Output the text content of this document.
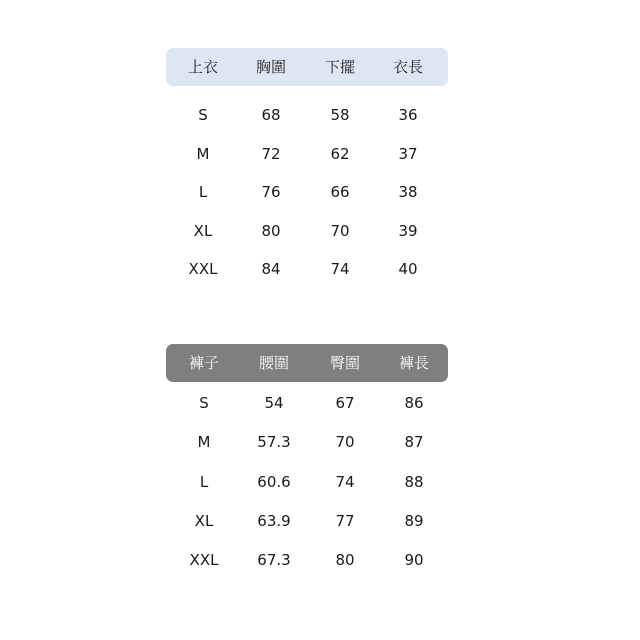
上衣	胸圍	下擺	衣長
S	68	58	36
M	72	62	37
L	76	66	38
XL	80	70	39
XXL	84	74	40
褲子	腰圍	臀圍	褲長
S	54	67	86
M	57.3	70	87
L	60.6	74	88
XL	63.9	77	89
XXL	67.3	80	90
